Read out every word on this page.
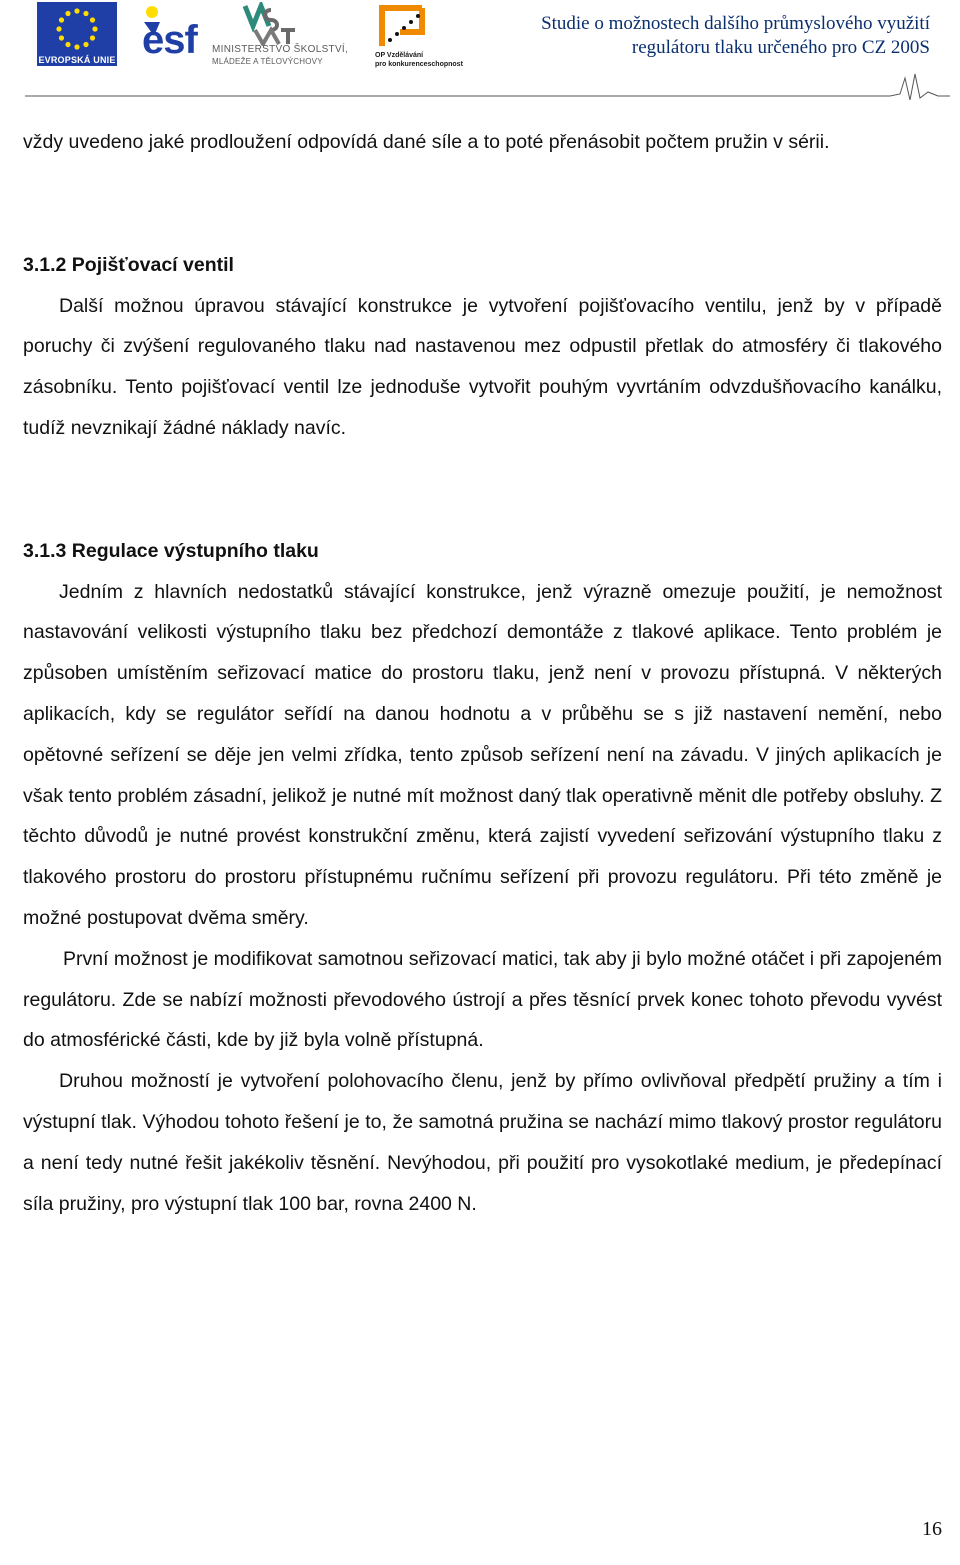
EVROPSKÁ UNIE esf MINISTERSTVO ŠKOLSTVÍ,
MLÁDEŽE A TĚLOVÝCHOVY
OP Vzdělávání
pro konkurenceschopnost
Studie o možnostech dalšího průmyslového využití
regulátoru tlaku určeného pro CZ 200S

vždy uvedeno jaké prodloužení odpovídá dané síle a to poté přenásobit počtem pružin v sérii.

3.1.2 Pojišťovací ventil

Další možnou úpravou stávající konstrukce je vytvoření pojišťovacího ventilu, jenž by v případě poruchy či zvýšení regulovaného tlaku nad nastavenou mez odpustil přetlak do atmosféry či tlakového zásobníku. Tento pojišťovací ventil lze jednoduše vytvořit pouhým vyvrtáním odvzdušňovacího kanálku, tudíž nevznikají žádné náklady navíc.

3.1.3 Regulace výstupního tlaku

Jedním z hlavních nedostatků stávající konstrukce, jenž výrazně omezuje použití, je nemožnost nastavování velikosti výstupního tlaku bez předchozí demontáže z tlakové aplikace. Tento problém je způsoben umístěním seřizovací matice do prostoru tlaku, jenž není v provozu přístupná. V některých aplikacích, kdy se regulátor seřídí na danou hodnotu a v průběhu se s již nastavení nemění, nebo opětovné seřízení se děje jen velmi zřídka, tento způsob seřízení není na závadu. V jiných aplikacích je však tento problém zásadní, jelikož je nutné mít možnost daný tlak operativně měnit dle potřeby obsluhy. Z těchto důvodů je nutné provést konstrukční změnu, která zajistí vyvedení seřizování výstupního tlaku z tlakového prostoru do prostoru přístupnému ručnímu seřízení při provozu regulátoru. Při této změně je možné postupovat dvěma směry.

První možnost je modifikovat samotnou seřizovací matici, tak aby ji bylo možné otáčet i při zapojeném regulátoru. Zde se nabízí možnosti převodového ústrojí a přes těsnící prvek konec tohoto převodu vyvést do atmosférické části, kde by již byla volně přístupná.

Druhou možností je vytvoření polohovacího členu, jenž by přímo ovlivňoval předpětí pružiny a tím i výstupní tlak. Výhodou tohoto řešení je to, že samotná pružina se nachází mimo tlakový prostor regulátoru a není tedy nutné řešit jakékoliv těsnění. Nevýhodou, při použití pro vysokotlaké medium, je předepínací síla pružiny, pro výstupní tlak 100 bar, rovna 2400 N.

16
